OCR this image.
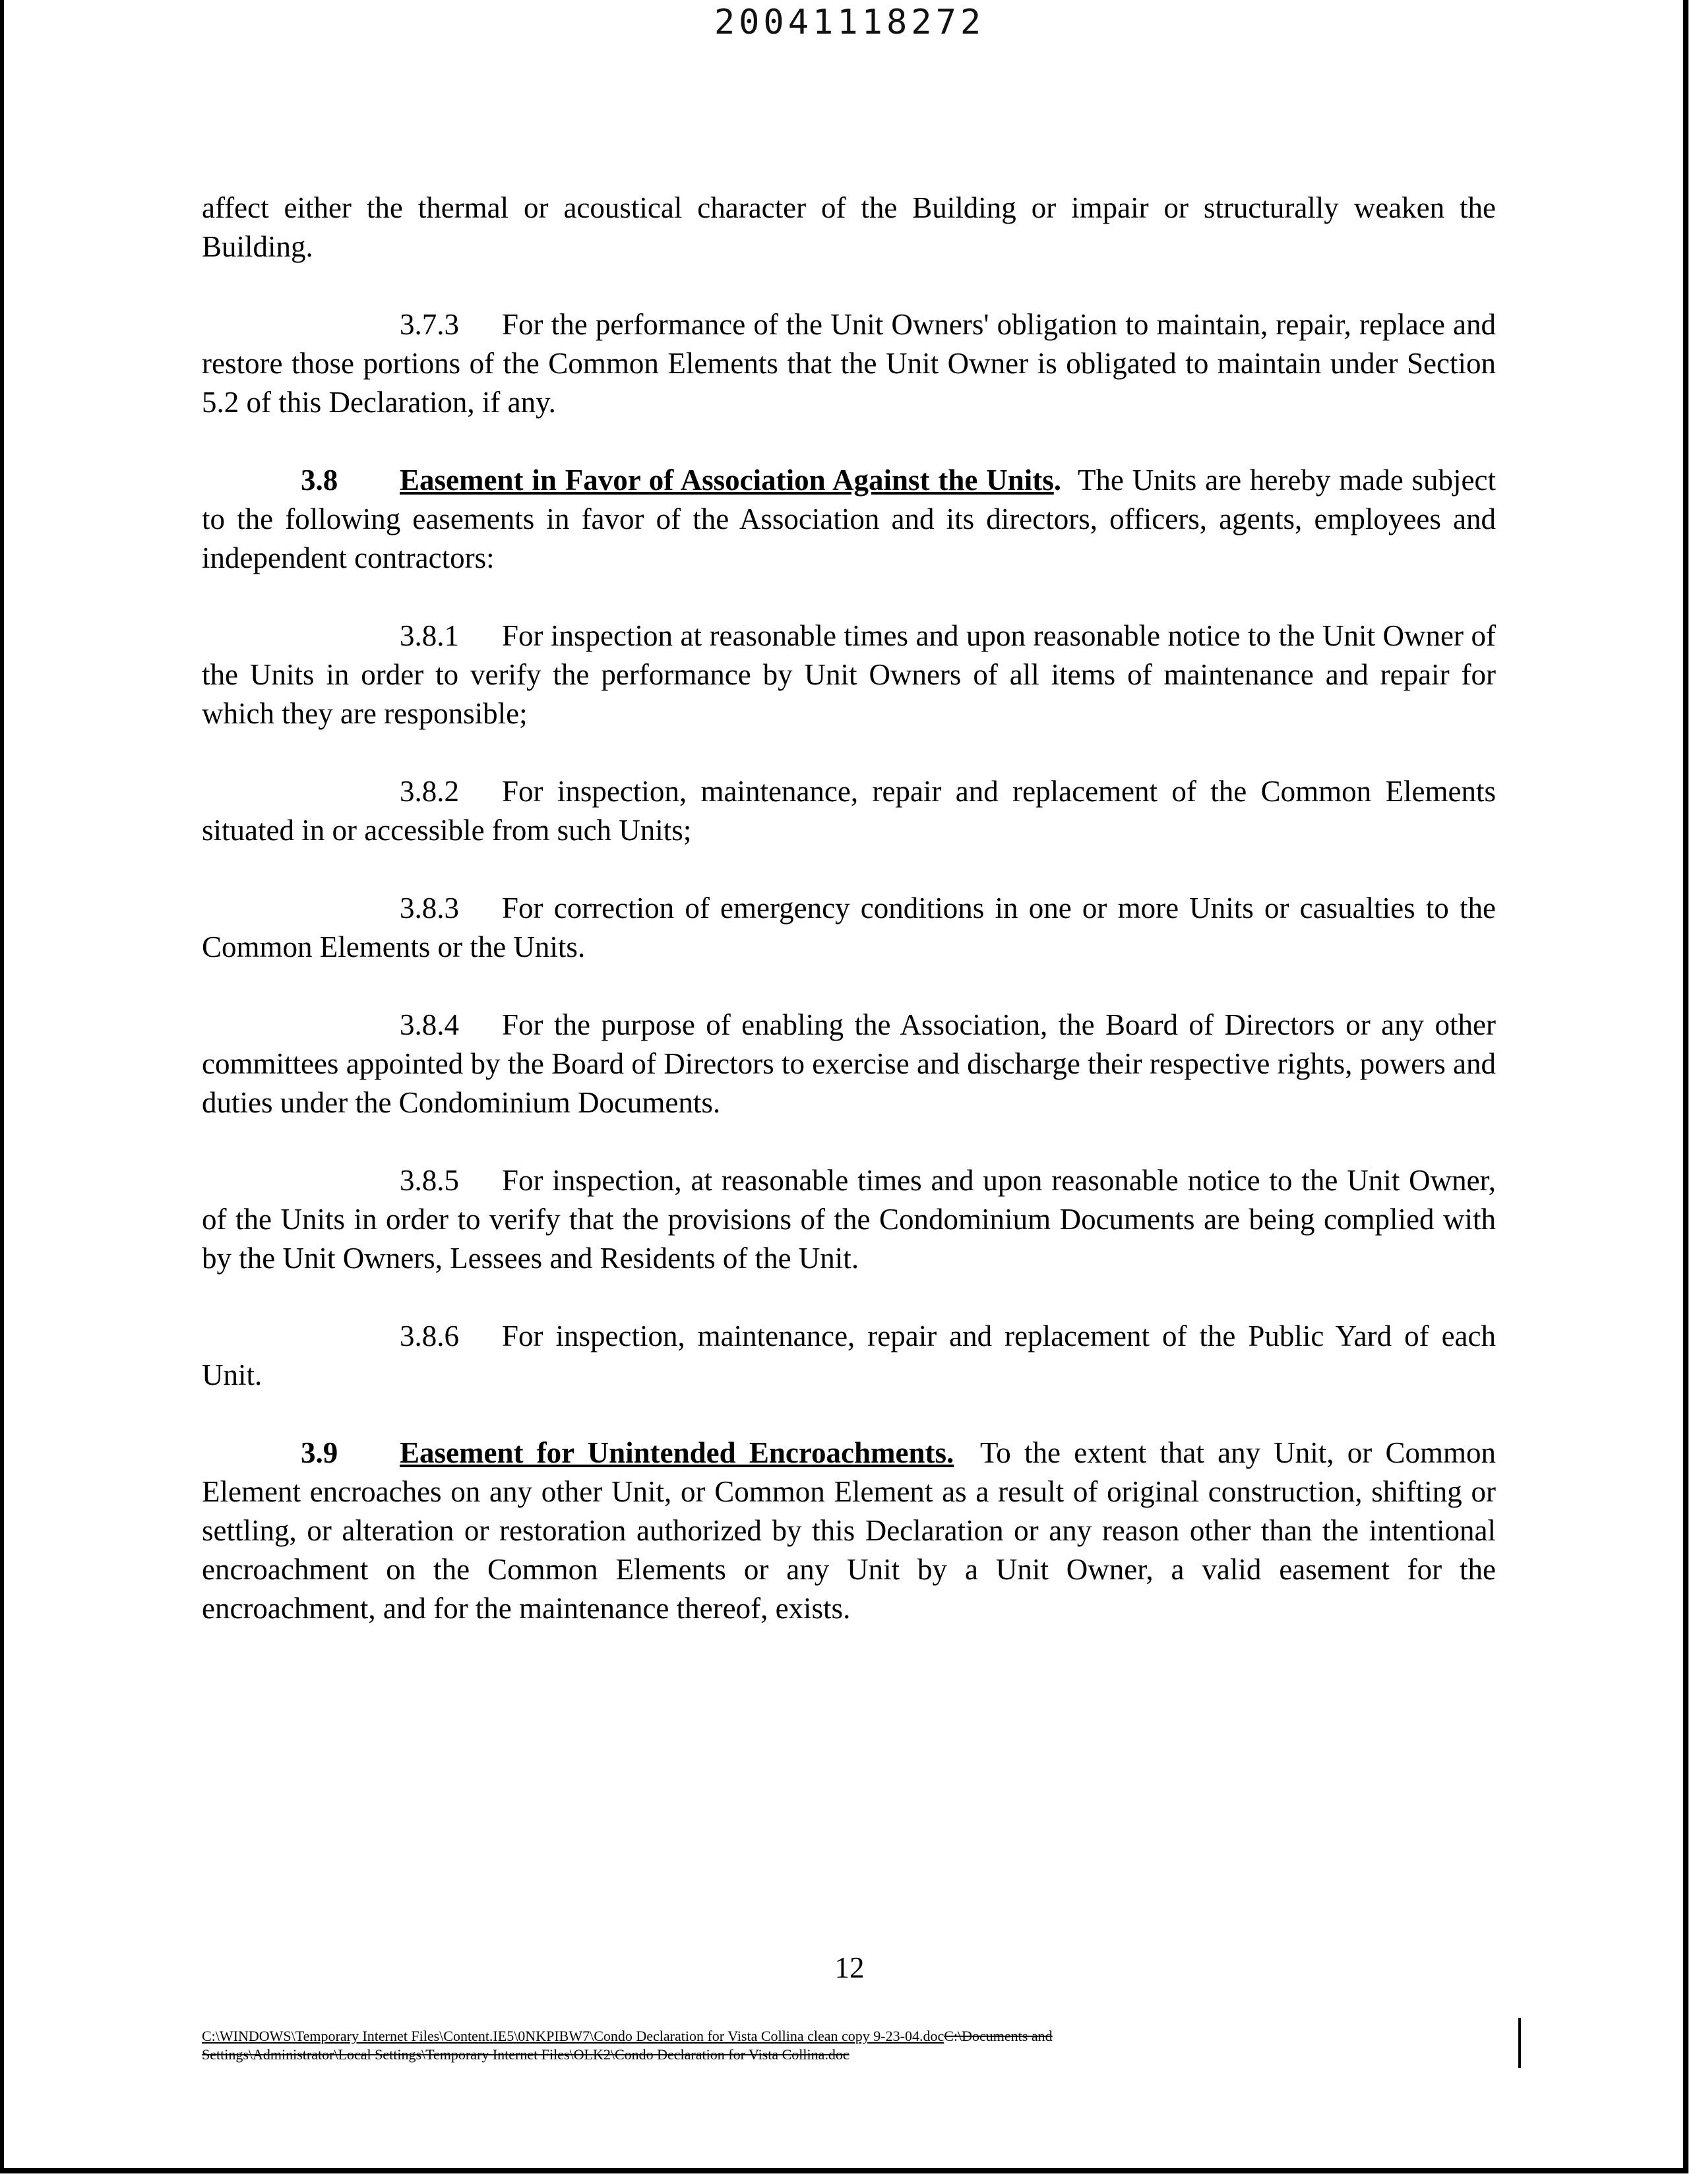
20041118272

affect either the thermal or acoustical character of the Building or impair or structurally weaken the Building.

3.7.3 For the performance of the Unit Owners' obligation to maintain, repair, replace and restore those portions of the Common Elements that the Unit Owner is obligated to maintain under Section 5.2 of this Declaration, if any.

3.8 Easement in Favor of Association Against the Units. The Units are hereby made subject to the following easements in favor of the Association and its directors, officers, agents, employees and independent contractors:

3.8.1 For inspection at reasonable times and upon reasonable notice to the Unit Owner of the Units in order to verify the performance by Unit Owners of all items of maintenance and repair for which they are responsible;

3.8.2 For inspection, maintenance, repair and replacement of the Common Elements situated in or accessible from such Units;

3.8.3 For correction of emergency conditions in one or more Units or casualties to the Common Elements or the Units.

3.8.4 For the purpose of enabling the Association, the Board of Directors or any other committees appointed by the Board of Directors to exercise and discharge their respective rights, powers and duties under the Condominium Documents.

3.8.5 For inspection, at reasonable times and upon reasonable notice to the Unit Owner, of the Units in order to verify that the provisions of the Condominium Documents are being complied with by the Unit Owners, Lessees and Residents of the Unit.

3.8.6 For inspection, maintenance, repair and replacement of the Public Yard of each Unit.

3.9 Easement for Unintended Encroachments. To the extent that any Unit, or Common Element encroaches on any other Unit, or Common Element as a result of original construction, shifting or settling, or alteration or restoration authorized by this Declaration or any reason other than the intentional encroachment on the Common Elements or any Unit by a Unit Owner, a valid easement for the encroachment, and for the maintenance thereof, exists.

12
C:\WINDOWS\Temporary Internet Files\Content.IE5\0NKPIBW7\Condo Declaration for Vista Collina clean copy 9-23-04.docC:\Documents and
Settings\Administrator\Local Settings\Temporary Internet Files\OLK2\Condo Declaration for Vista Collina.doc
